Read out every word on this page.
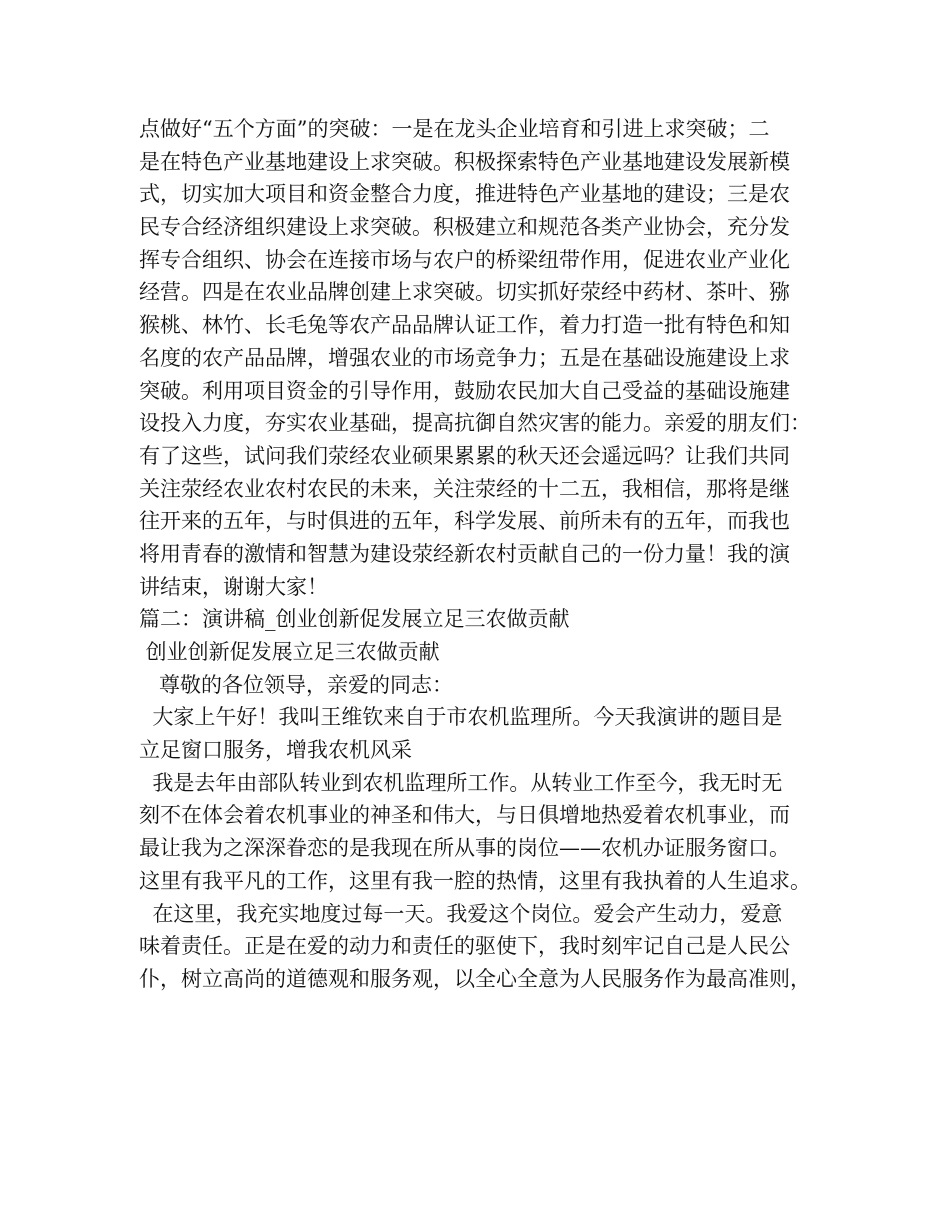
点做好“五个方面”的突破：一是在龙头企业培育和引进上求突破；二
是在特色产业基地建设上求突破。积极探索特色产业基地建设发展新模
式，切实加大项目和资金整合力度，推进特色产业基地的建设；三是农
民专合经济组织建设上求突破。积极建立和规范各类产业协会，充分发
挥专合组织、协会在连接市场与农户的桥梁纽带作用，促进农业产业化
经营。四是在农业品牌创建上求突破。切实抓好荥经中药材、茶叶、猕
猴桃、林竹、长毛兔等农产品品牌认证工作，着力打造一批有特色和知
名度的农产品品牌，增强农业的市场竞争力；五是在基础设施建设上求
突破。利用项目资金的引导作用，鼓励农民加大自己受益的基础设施建
设投入力度，夯实农业基础，提高抗御自然灾害的能力。亲爱的朋友们：
有了这些，试问我们荥经农业硕果累累的秋天还会遥远吗？让我们共同
关注荥经农业农村农民的未来，关注荥经的十二五，我相信，那将是继
往开来的五年，与时俱进的五年，科学发展、前所未有的五年，而我也
将用青春的激情和智慧为建设荥经新农村贡献自己的一份力量！我的演
讲结束，谢谢大家！
篇二：演讲稿_创业创新促发展立足三农做贡献
创业创新促发展立足三农做贡献
尊敬的各位领导，亲爱的同志：
大家上午好！我叫王维钦来自于市农机监理所。今天我演讲的题目是
立足窗口服务，增我农机风采
我是去年由部队转业到农机监理所工作。从转业工作至今，我无时无
刻不在体会着农机事业的神圣和伟大，与日俱增地热爱着农机事业，而
最让我为之深深眷恋的是我现在所从事的岗位——农机办证服务窗口。
这里有我平凡的工作，这里有我一腔的热情，这里有我执着的人生追求。
在这里，我充实地度过每一天。我爱这个岗位。爱会产生动力，爱意
味着责任。正是在爱的动力和责任的驱使下，我时刻牢记自己是人民公
仆，树立高尚的道德观和服务观，以全心全意为人民服务作为最高准则，
